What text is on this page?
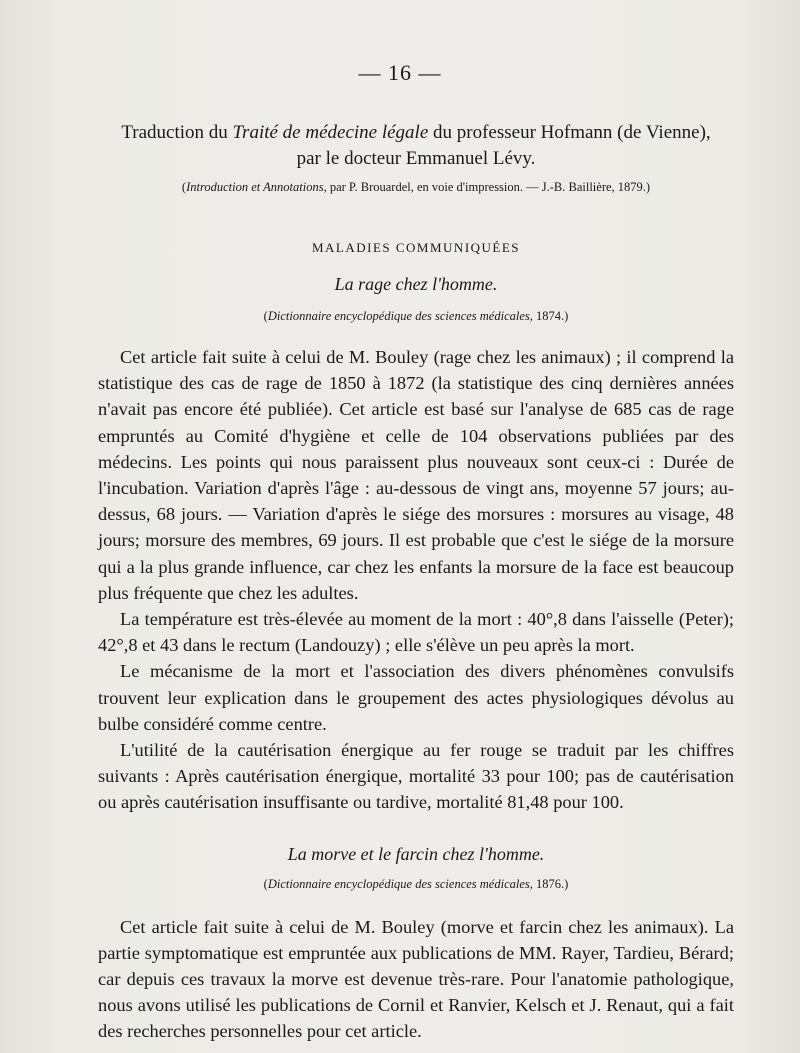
— 16 —

Traduction du Traité de médecine légale du professeur Hofmann (de Vienne),

par le docteur Emmanuel Lévy.

(Introduction et Annotations, par P. Brouardel, en voie d'impression. — J.-B. Baillière, 1879.)

MALADIES COMMUNIQUÉES

La rage chez l'homme.

(Dictionnaire encyclopédique des sciences médicales, 1874.)

Cet article fait suite à celui de M. Bouley (rage chez les animaux) ; il comprend la statistique des cas de rage de 1850 à 1872 (la statistique des cinq dernières années n'avait pas encore été publiée). Cet article est basé sur l'analyse de 685 cas de rage empruntés au Comité d'hygiène et celle de 104 observations publiées par des médecins. Les points qui nous paraissent plus nouveaux sont ceux-ci : Durée de l'incubation. Variation d'après l'âge : au-dessous de vingt ans, moyenne 57 jours; au-dessus, 68 jours. — Variation d'après le siége des morsures : morsures au visage, 48 jours; morsure des membres, 69 jours. Il est probable que c'est le siége de la morsure qui a la plus grande influence, car chez les enfants la morsure de la face est beaucoup plus fréquente que chez les adultes.

La température est très-élevée au moment de la mort : 40°,8 dans l'aisselle (Peter); 42°,8 et 43 dans le rectum (Landouzy) ; elle s'élève un peu après la mort.

Le mécanisme de la mort et l'association des divers phénomènes convulsifs trouvent leur explication dans le groupement des actes physiologiques dévolus au bulbe considéré comme centre.

L'utilité de la cautérisation énergique au fer rouge se traduit par les chiffres suivants : Après cautérisation énergique, mortalité 33 pour 100; pas de cautérisation ou après cautérisation insuffisante ou tardive, mortalité 81,48 pour 100.

La morve et le farcin chez l'homme.

(Dictionnaire encyclopédique des sciences médicales, 1876.)

Cet article fait suite à celui de M. Bouley (morve et farcin chez les animaux). La partie symptomatique est empruntée aux publications de MM. Rayer, Tardieu, Bérard; car depuis ces travaux la morve est devenue très-rare. Pour l'anatomie pathologique, nous avons utilisé les publications de Cornil et Ranvier, Kelsch et J. Renaut, qui a fait des recherches personnelles pour cet article.
